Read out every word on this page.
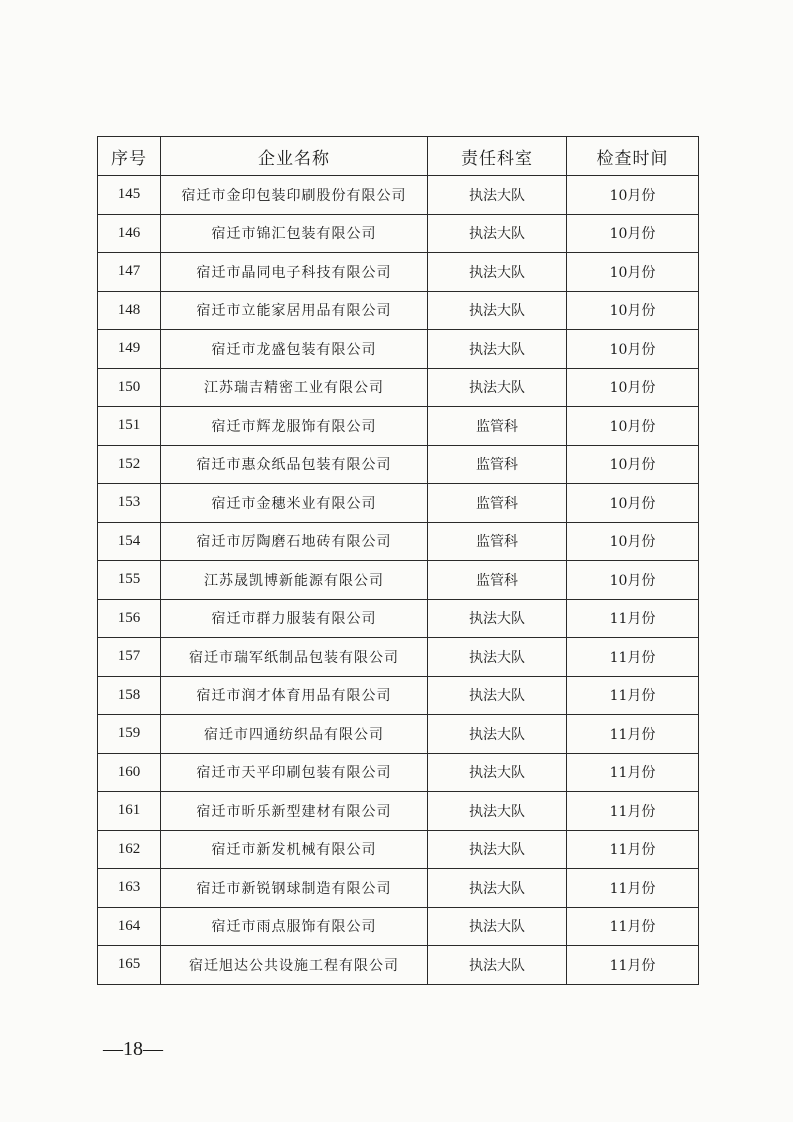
序号	企业名称	责任科室	检查时间
145	宿迁市金印包装印刷股份有限公司	执法大队	10月份
146	宿迁市锦汇包装有限公司	执法大队	10月份
147	宿迁市晶同电子科技有限公司	执法大队	10月份
148	宿迁市立能家居用品有限公司	执法大队	10月份
149	宿迁市龙盛包装有限公司	执法大队	10月份
150	江苏瑞吉精密工业有限公司	执法大队	10月份
151	宿迁市辉龙服饰有限公司	监管科	10月份
152	宿迁市惠众纸品包装有限公司	监管科	10月份
153	宿迁市金穗米业有限公司	监管科	10月份
154	宿迁市厉陶磨石地砖有限公司	监管科	10月份
155	江苏晟凯博新能源有限公司	监管科	10月份
156	宿迁市群力服装有限公司	执法大队	11月份
157	宿迁市瑞军纸制品包装有限公司	执法大队	11月份
158	宿迁市润才体育用品有限公司	执法大队	11月份
159	宿迁市四通纺织品有限公司	执法大队	11月份
160	宿迁市天平印刷包装有限公司	执法大队	11月份
161	宿迁市昕乐新型建材有限公司	执法大队	11月份
162	宿迁市新发机械有限公司	执法大队	11月份
163	宿迁市新锐钢球制造有限公司	执法大队	11月份
164	宿迁市雨点服饰有限公司	执法大队	11月份
165	宿迁旭达公共设施工程有限公司	执法大队	11月份
—18—
